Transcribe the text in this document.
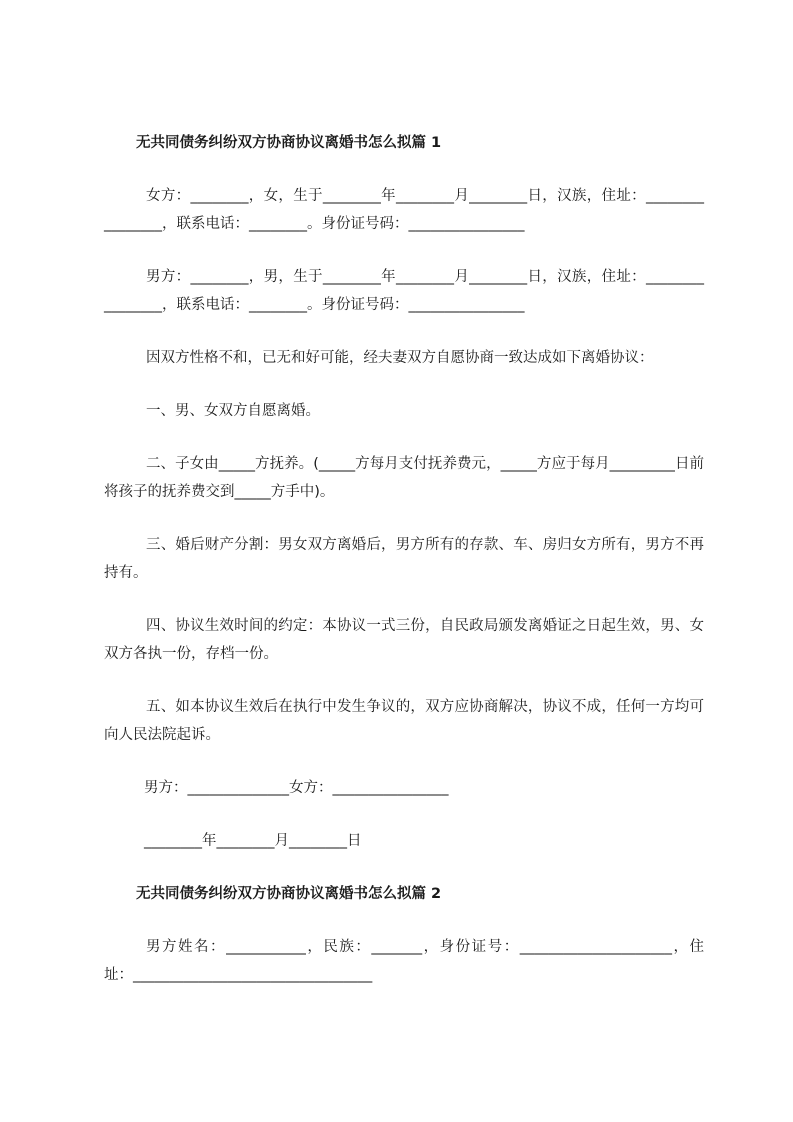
无共同债务纠纷双方协商协议离婚书怎么拟篇 1
女方：________，女，生于________年________月________日，汉族，住址：________________，联系电话：________。身份证号码：________________
男方：________，男，生于________年________月________日，汉族，住址：________________，联系电话：________。身份证号码：________________
因双方性格不和，已无和好可能，经夫妻双方自愿协商一致达成如下离婚协议：
一、男、女双方自愿离婚。
二、子女由_____方抚养。(_____方每月支付抚养费元，_____方应于每月_________日前将孩子的抚养费交到_____方手中)。
三、婚后财产分割：男女双方离婚后，男方所有的存款、车、房归女方所有，男方不再持有。
四、协议生效时间的约定：本协议一式三份，自民政局颁发离婚证之日起生效，男、女双方各执一份，存档一份。
五、如本协议生效后在执行中发生争议的，双方应协商解决，协议不成，任何一方均可向人民法院起诉。
男方：______________女方：________________
________年________月________日
无共同债务纠纷双方协商协议离婚书怎么拟篇 2
男方姓名：___________，民族：_______，身份证号：_____________________，住址：_________________________________
